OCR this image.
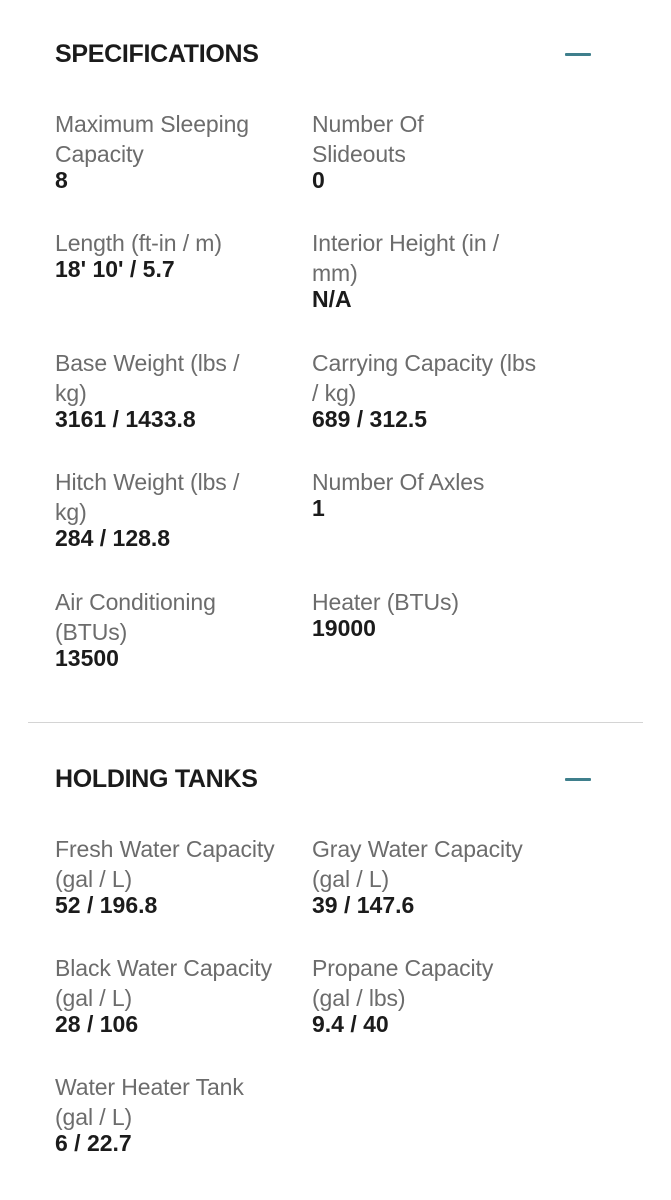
SPECIFICATIONS
Maximum Sleeping Capacity
8
Number Of Slideouts
0
Length (ft-in / m)
18' 10' / 5.7
Interior Height (in / mm)
N/A
Base Weight (lbs / kg)
3161 / 1433.8
Carrying Capacity (lbs / kg)
689 / 312.5
Hitch Weight (lbs / kg)
284 / 128.8
Number Of Axles
1
Air Conditioning (BTUs)
13500
Heater (BTUs)
19000
HOLDING TANKS
Fresh Water Capacity (gal / L)
52 / 196.8
Gray Water Capacity (gal / L)
39 / 147.6
Black Water Capacity (gal / L)
28 / 106
Propane Capacity (gal / lbs)
9.4 / 40
Water Heater Tank (gal / L)
6 / 22.7
